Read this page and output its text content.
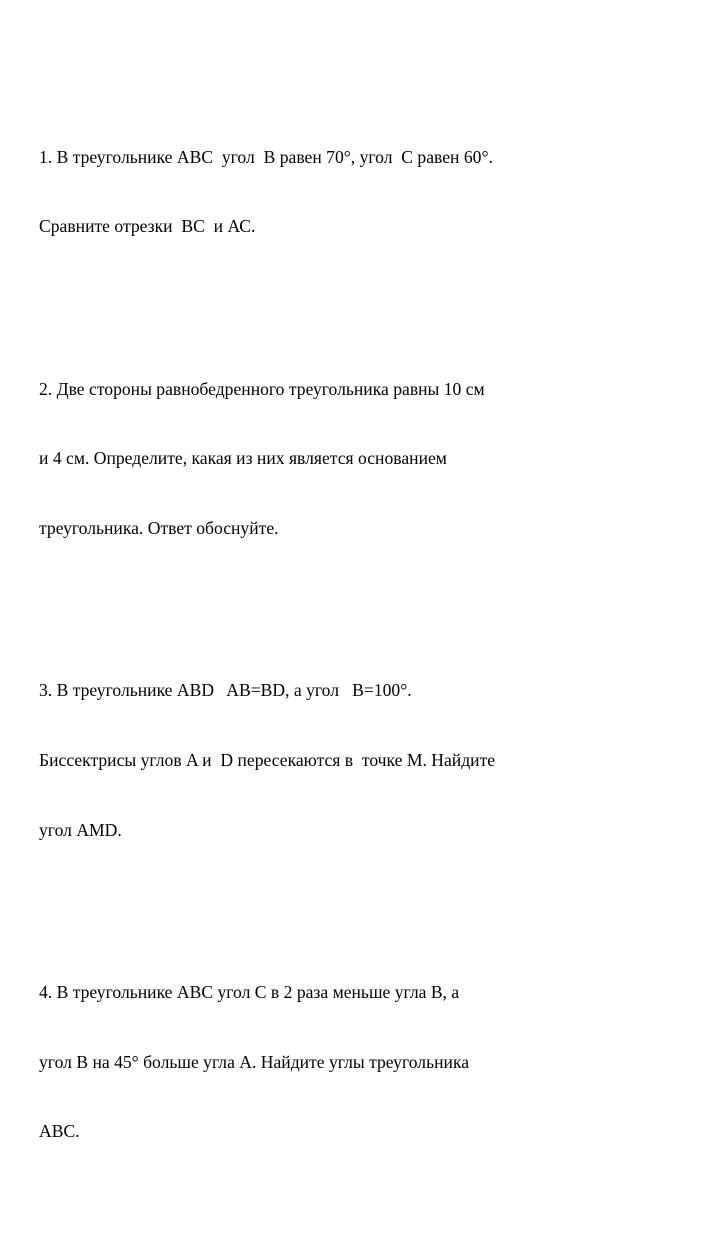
1. В треугольнике АВС  угол  В равен 70°, угол  С равен 60°.

Сравните отрезки  ВС  и АС.

2. Две стороны равнобедренного треугольника равны 10 см

и 4 см. Определите, какая из них является основанием

треугольника. Ответ обоснуйте.

3. В треугольнике ABD   AB=BD, а угол   B=100°.

Биссектрисы углов A и  D пересекаются в  точке M. Найдите

угол AMD.

4. В треугольнике АВС угол С в 2 раза меньше угла В, а

угол В на 45° больше угла А. Найдите углы треугольника

АВС.
